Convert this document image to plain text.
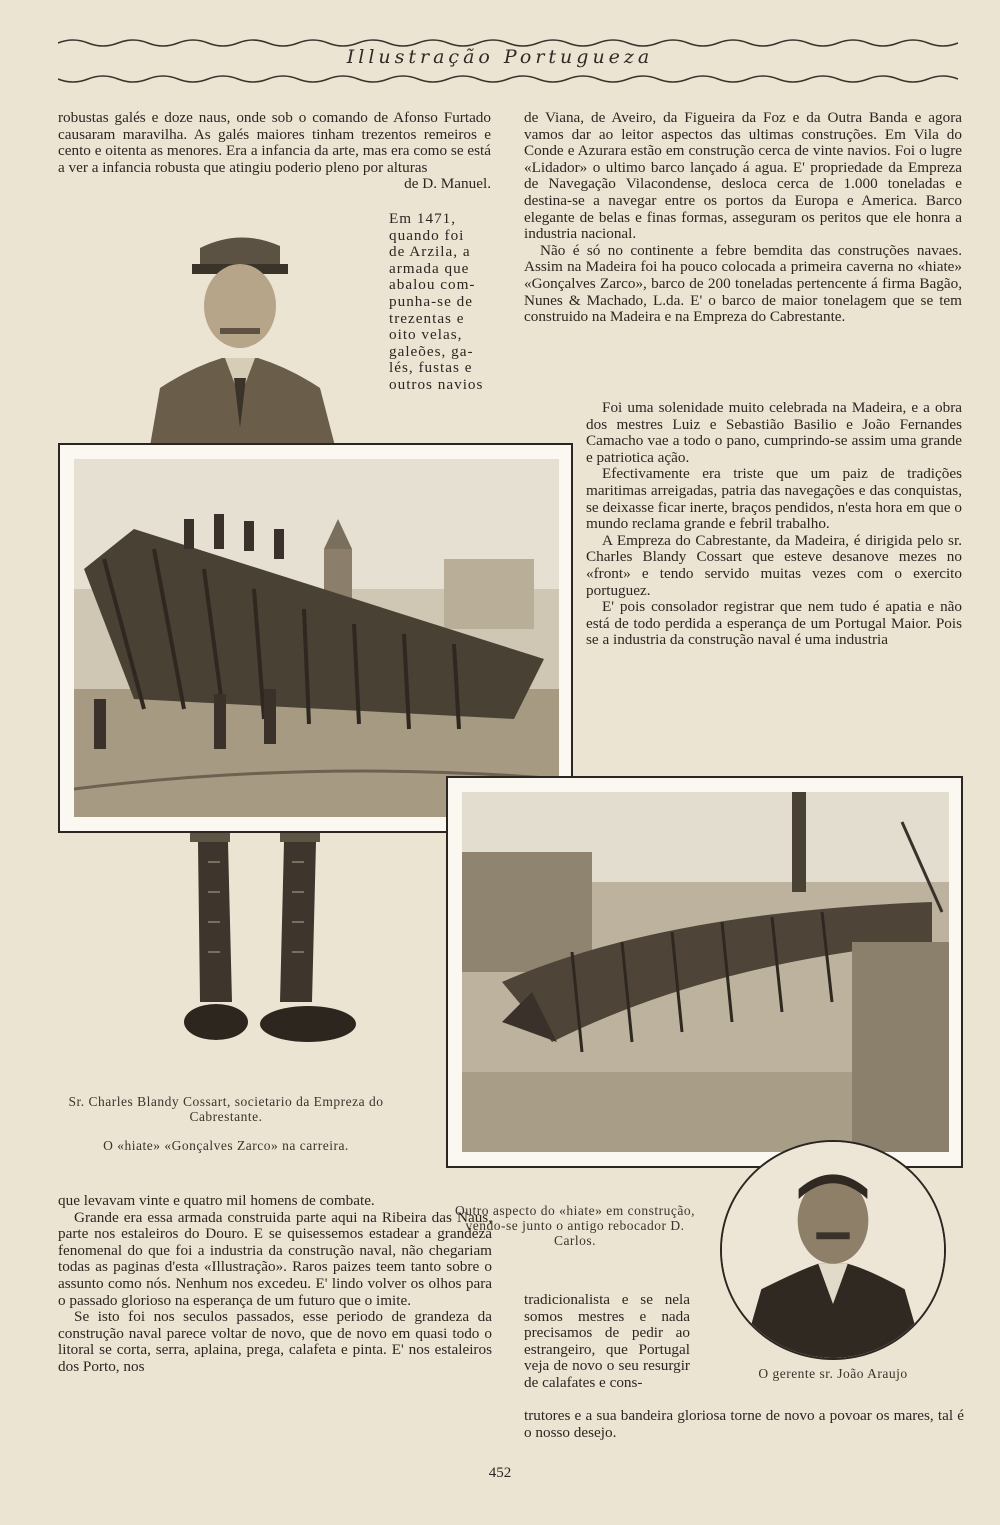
Illustração Portugueza

robustas galés e doze naus, onde sob o comando de Afonso Furtado causaram maravilha. As galés maiores tinham trezentos remeiros e cento e oitenta as menores. Era a infancia da arte, mas era como se está a ver a infancia robusta que atingiu poderio pleno por alturas

de D. Manuel.

Em 1471,
quando foi
de Arzila, a
armada que
abalou com-
punha-se de
trezentas e
oito velas,
galeões, ga-
lés, fustas e
outros navios
Sr. Charles Blandy Cossart, societario da Empreza do Cabrestante.
O «hiate» «Gonçalves Zarco» na carreira.
Outro aspecto do «hiate» em construção, vendo-se junto o antigo rebocador D. Carlos.
O gerente sr. João Araujo

de Viana, de Aveiro, da Figueira da Foz e da Outra Banda e agora vamos dar ao leitor aspectos das ultimas construções. Em Vila do Conde e Azurara estão em construção cerca de vinte navios. Foi o lugre «Lidador» o ultimo barco lançado á agua. E' propriedade da Empreza de Navegação Vilacondense, desloca cerca de 1.000 toneladas e destina-se a navegar entre os portos da Europa e America. Barco elegante de belas e finas formas, asseguram os peritos que ele honra a industria nacional.

Não é só no continente a febre bemdita das construções navaes. Assim na Madeira foi ha pouco colocada a primeira caverna no «hiate» «Gonçalves Zarco», barco de 200 toneladas pertencente á firma Bagão, Nunes & Machado, L.da. E' o barco de maior tonelagem que se tem construido na Madeira e na Empreza do Cabrestante.

Foi uma solenidade muito celebrada na Madeira, e a obra dos mestres Luiz e Sebastião Basilio e João Fernandes Camacho vae a todo o pano, cumprindo-se assim uma grande e patriotica ação.

Efectivamente era triste que um paiz de tradições maritimas arreigadas, patria das navegações e das conquistas, se deixasse ficar inerte, braços pendidos, n'esta hora em que o mundo reclama grande e febril trabalho.

A Empreza do Cabrestante, da Madeira, é dirigida pelo sr. Charles Blandy Cossart que esteve desanove mezes no «front» e tendo servido muitas vezes com o exercito portuguez.

E' pois consolador registrar que nem tudo é apatia e não está de todo perdida a esperança de um Portugal Maior. Pois se a industria da construção naval é uma industria

que levavam vinte e quatro mil homens de combate.

Grande era essa armada construida parte aqui na Ribeira das Naus, parte nos estaleiros do Douro. E se quisessemos estadear a grandeza fenomenal do que foi a industria da construção naval, não chegariam todas as paginas d'esta «Illustração». Raros paizes teem tanto sobre o assunto como nós. Nenhum nos excedeu. E' lindo volver os olhos para o passado glorioso na esperança de um futuro que o imite.

Se isto foi nos seculos passados, esse periodo de grandeza da construção naval parece voltar de novo, que de novo em quasi todo o litoral se corta, serra, aplaina, prega, calafeta e pinta. E' nos estaleiros dos Porto, nos

tradicionalista e se nela somos mestres e nada precisamos de pedir ao estrangeiro, que Portugal veja de novo o seu resurgir de calafates e cons-

trutores e a sua bandeira gloriosa torne de novo a povoar os mares, tal é o nosso desejo.

452
